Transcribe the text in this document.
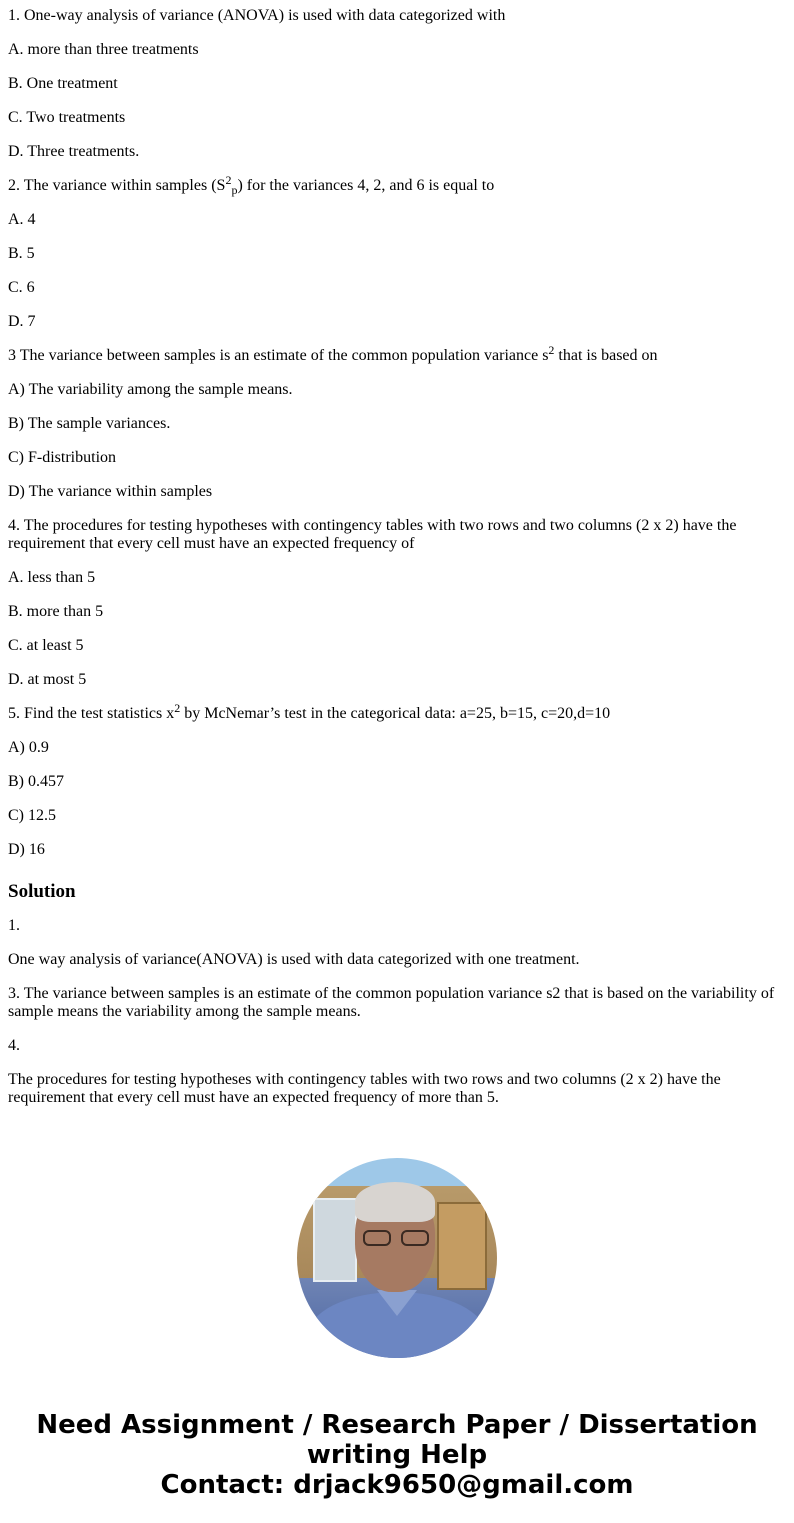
1. One-way analysis of variance (ANOVA) is used with data categorized with

A. more than three treatments

B. One treatment

C. Two treatments

D. Three treatments.

2. The variance within samples $(S^2_p)$ for the variances 4, 2, and 6 is equal to

A. 4

B. 5

C. 6

D. 7

3 The variance between samples is an estimate of the common population variance $s^2$ that is based on

A) The variability among the sample means.

B) The sample variances.

C) F-distribution

D) The variance within samples

4. The procedures for testing hypotheses with contingency tables with two rows and two columns (2 x 2) have the requirement that every cell must have an expected frequency of

A. less than 5

B. more than 5

C. at least 5

D. at most 5

5. Find the test statistics $x^2$ by McNemar’s test in the categorical data: a=25, b=15, c=20,d=10

A) 0.9

B) 0.457

C) 12.5

D) 16

Solution

1.

One way analysis of variance(ANOVA) is used with data categorized with one treatment.

3. The variance between samples is an estimate of the common population variance s2 that is based on the variability of sample means the variability among the sample means.

4.

The procedures for testing hypotheses with contingency tables with two rows and two columns (2 x 2) have the requirement that every cell must have an expected frequency of more than 5.

Need Assignment / Research Paper / Dissertation writing Help
Contact: drjack9650@gmail.com
